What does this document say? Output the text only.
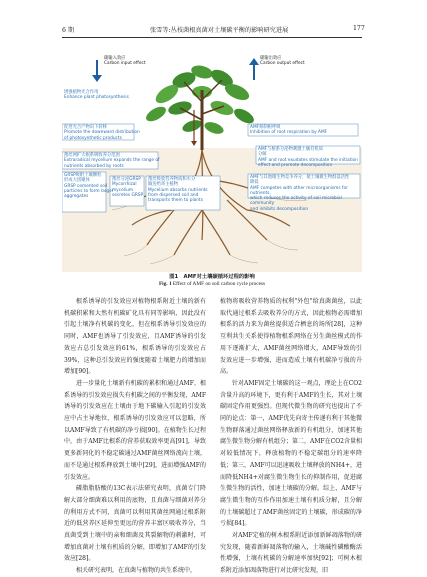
6 期	张雪等:丛枝菌根真菌对土壤碳平衡的影响研究进展	177
碳输入效应
Carbon input effect
碳输出效应
Carbon output effect
增强植物光合作用
Enhance plant photosynthesis
促进光合产物向下转移
Promote the downward distribution
of photosynthetic products
菌丝网扩大根系吸收养分范围
Extraradical mycelium expands the range of
nutrients absorbed by roots
GRSP吸附土壤颗粒
形成大团聚体
GRSP cemented soil
particles to form larger
aggregates
菌丝分泌GRSP
Mycorrhizal
mycelium
secretes GRSP
菌丝吸收营养物质和水分
输送给寄主植物
Mycelium absorbs nutrients
from dispersed soil and
transports them to plants
AMF抑制根呼吸
Inhibition of root respiration by AMF
AMF与根系分泌物刺激土壤有机质
分解
AMF and root exudates stimulate the initiation
effect and promote decomposition
AMF与其他微生物竞争养分，使土壤微生物群落活性
降低
AMF competes with other microorganisms for nutrients,
which reduces the activity of soil microbial community
and inhibits decomposition
图1　AMF对土壤碳循环过程的影响
Fig. 1 Effect of AMF on soil carbon cycle process

根系诱导的引发效应对植物根系附近土壤的新有机碳积累和大然有机碳矿化具有同等影响，因此没有引起土壤净有机碳的变化，但在根系诱导引发效应的同时，AMF也诱导了引发效应，且AMF诱导的引发效应占总引发效应的61%，根系诱导的引发效应占39%，这种总引发效应的强度随着土壤肥力的增加而增加[90]。

进一步量化土壤新有机碳的累积和通过AMF、根系诱导的引发效应损失有机碳之间的平衡发现，AMF诱导的引发效应在土壤由于地下碳输入引起的引发效应中占主导地位，根系诱导的引发效应可以忽略，所以AMF导致了有机碳的净亏损[90]。在植物生长过程中，由于AMF比根系的营养获取效率更高[91]，导致更多新同化的不稳定碳通过AMF菌丝网络流向土壤，而不是通过根系释放到土壤中[29]，进而增强AMF的引发效应。

磷脂脂肪酸的13C表示法研究表明，真菌专门降解大部分细菌难以利用的底物，且真菌与细菌对养分的利用方式不同，真菌可以利用其菌丝网通过根系附近的低营养区延伸至更远的营养丰富区吸收养分，当真菌受到土壤中的亲和细菌及其裂解物的刺激时，可增加真菌对土壤有机质的分解，即增加了AMF的引发效应[28]。

相关研究表明，在真菌与植物的共生系统中，

植物将吸收营养物质的权利"外包"给真菌菌丝，以此取代通过根系去吸收养分的方式，因此植物必需增加根系的活力来为菌丝提供适合栖息的场所[28]，这种互利共生关系使得植物根系网络在另生菌丝模式的作用下逐渐扩大，AMF菌丝网络增大，AMF导致的引发效应进一步增强，进而造成土壤有机碳净亏损的升高。

针对AMF固定土壤碳的这一观点，理论上在CO2含量升高的环境下，更有利于AMF的生长，其对土壤碳固定作用更强烈。但现代微生物的研究也提出了不同的论点：第一，AMF优先向寄主传递有利于其他微生物群落通过菌丝网络释放新的有机组分，加速其他腐生微生物分解有机组分；第二，AMF在CO2含量相对较低情况下，释放植物的不稳定碳组分的速率降低；第三，AMF可以迅速吸收土壤释放的NH4+，进而降低NH4+对腐生微生物生长的抑制作用，促进腐生微生物的活性，加速土壤碳的分解。综上，AMF与腐生微生物的互作作用加速土壤有机质分解，且分解的土壤碳超过了AMF菌丝固定的土壤碳，形成碳的净亏损[84]。

对AMF定植的树木根系附近添加新鲜凋落物的研究发现，随着新鲜凋落物的输入，土壤碱性磷酸酶活性增强，土壤有机碳的分解速率加快[92]；可树木根系附近添加凋落物进行对比研究发现，旧
